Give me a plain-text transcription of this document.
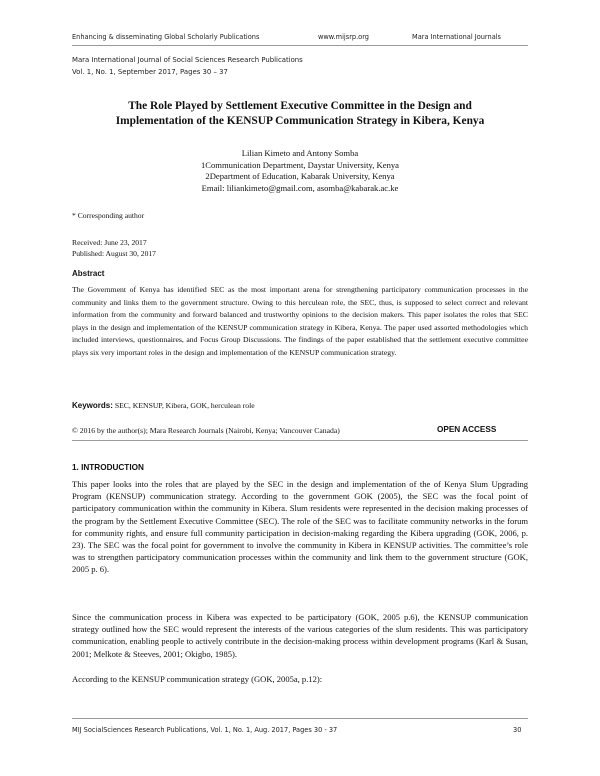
Enhancing & disseminating Global Scholarly Publications	www.mijsrp.org	Mara International Journals
Mara International Journal of Social Sciences Research Publications
Vol. 1, No. 1, September 2017, Pages 30 – 37
The Role Played by Settlement Executive Committee in the Design and
Implementation of the KENSUP Communication Strategy in Kibera, Kenya
Lilian Kimeto and Antony Somba
1Communication Department, Daystar University, Kenya
2Department of Education, Kabarak University, Kenya
Email: liliankimeto@gmail.com, asomba@kabarak.ac.ke
* Corresponding author
Received: June 23, 2017
Published: August 30, 2017
Abstract
The Government of Kenya has identified SEC as the most important arena for strengthening participatory communication processes in the community and links them to the government structure. Owing to this herculean role, the SEC, thus, is supposed to select correct and relevant information from the community and forward balanced and trustworthy opinions to the decision makers. This paper isolates the roles that SEC plays in the design and implementation of the KENSUP communication strategy in Kibera, Kenya. The paper used assorted methodologies which included interviews, questionnaires, and Focus Group Discussions. The findings of the paper established that the settlement executive committee plays six very important roles in the design and implementation of the KENSUP communication strategy.
Keywords: SEC, KENSUP, Kibera, GOK, herculean role
© 2016 by the author(s); Mara Research Journals (Nairobi, Kenya; Vancouver Canada)	OPEN ACCESS
1. INTRODUCTION
This paper looks into the roles that are played by the SEC in the design and implementation of the of Kenya Slum Upgrading Program (KENSUP) communication strategy. According to the government GOK (2005), the SEC was the focal point of participatory communication within the community in Kibera. Slum residents were represented in the decision making processes of the program by the Settlement Executive Committee (SEC). The role of the SEC was to facilitate community networks in the forum for community rights, and ensure full community participation in decision-making regarding the Kibera upgrading (GOK, 2006, p. 23). The SEC was the focal point for government to involve the community in Kibera in KENSUP activities. The committee’s role was to strengthen participatory communication processes within the community and link them to the government structure (GOK, 2005 p. 6).
Since the communication process in Kibera was expected to be participatory (GOK, 2005 p.6), the KENSUP communication strategy outlined how the SEC would represent the interests of the various categories of the slum residents. This was participatory communication, enabling people to actively contribute in the decision-making process within development programs (Karl & Susan, 2001; Melkote & Steeves, 2001; Okigbo, 1985).
According to the KENSUP communication strategy (GOK, 2005a, p.12):
MIJ SocialSciences Research Publications, Vol. 1, No. 1, Aug. 2017, Pages 30 - 37	30
